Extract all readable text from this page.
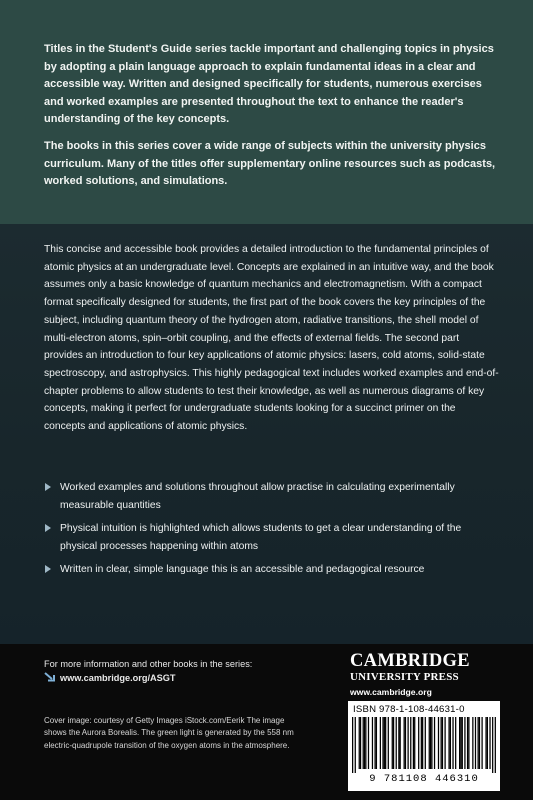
Titles in the Student's Guide series tackle important and challenging topics in physics by adopting a plain language approach to explain fundamental ideas in a clear and accessible way. Written and designed specifically for students, numerous exercises and worked examples are presented throughout the text to enhance the reader's understanding of the key concepts.
The books in this series cover a wide range of subjects within the university physics curriculum. Many of the titles offer supplementary online resources such as podcasts, worked solutions, and simulations.
This concise and accessible book provides a detailed introduction to the fundamental principles of atomic physics at an undergraduate level. Concepts are explained in an intuitive way, and the book assumes only a basic knowledge of quantum mechanics and electromagnetism. With a compact format specifically designed for students, the first part of the book covers the key principles of the subject, including quantum theory of the hydrogen atom, radiative transitions, the shell model of multi-electron atoms, spin–orbit coupling, and the effects of external fields. The second part provides an introduction to four key applications of atomic physics: lasers, cold atoms, solid-state spectroscopy, and astrophysics. This highly pedagogical text includes worked examples and end-of-chapter problems to allow students to test their knowledge, as well as numerous diagrams of key concepts, making it perfect for undergraduate students looking for a succinct primer on the concepts and applications of atomic physics.
Worked examples and solutions throughout allow practise in calculating experimentally measurable quantities
Physical intuition is highlighted which allows students to get a clear understanding of the physical processes happening within atoms
Written in clear, simple language this is an accessible and pedagogical resource
For more information and other books in the series:
www.cambridge.org/ASGT
Cover image: courtesy of Getty Images iStock.com/Eerik The image shows the Aurora Borealis. The green light is generated by the 558 nm electric-quadrupole transition of the oxygen atoms in the atmosphere.
CAMBRIDGE
UNIVERSITY PRESS
www.cambridge.org
ISBN 978-1-108-44631-0
9 781108 446310
